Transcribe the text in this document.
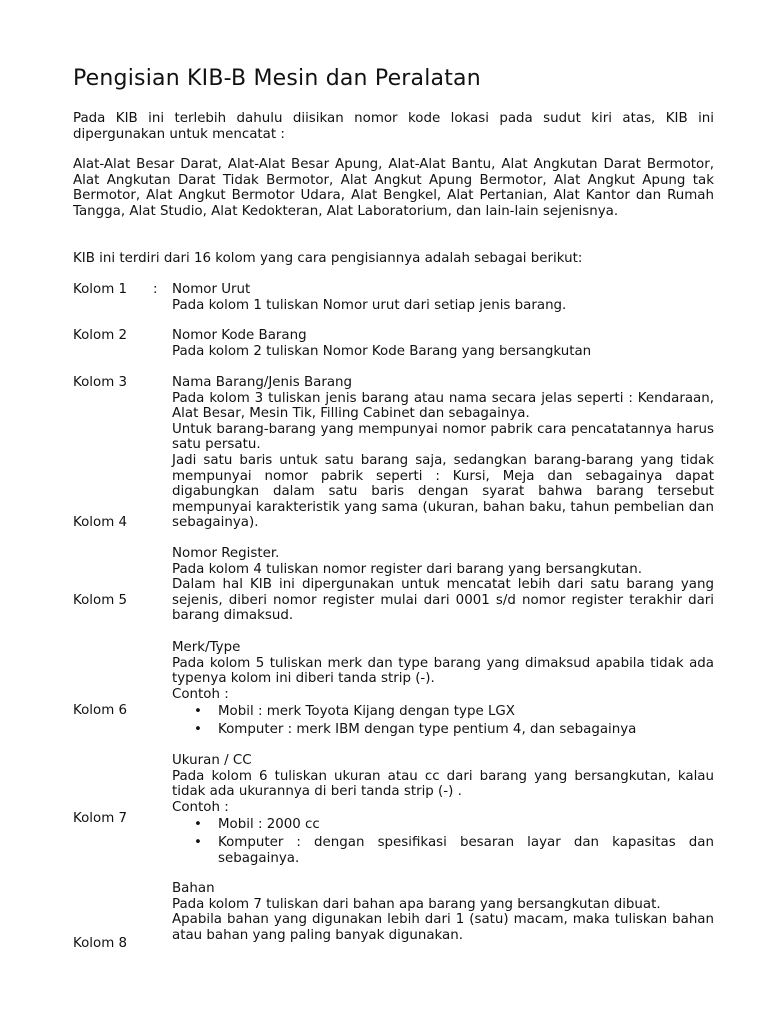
Pengisian KIB-B Mesin dan Peralatan

Pada KIB ini terlebih dahulu diisikan nomor kode lokasi pada sudut kiri atas, KIB ini dipergunakan untuk mencatat :

Alat-Alat Besar Darat, Alat-Alat Besar Apung, Alat-Alat Bantu, Alat Angkutan Darat Bermotor, Alat Angkutan Darat Tidak Bermotor, Alat Angkut Apung Bermotor, Alat Angkut Apung tak Bermotor, Alat Angkut Bermotor Udara, Alat Bengkel, Alat Pertanian, Alat Kantor dan Rumah Tangga, Alat Studio, Alat Kedokteran, Alat Laboratorium, dan lain-lain sejenisnya.

KIB ini terdiri dari 16 kolom yang cara pengisiannya adalah sebagai berikut:

Kolom 1 :
Kolom 2
Kolom 3
Kolom 4
Kolom 5
Kolom 6
Kolom 7
Kolom 8

Nomor Urut

Pada kolom 1 tuliskan Nomor urut dari setiap jenis barang.

Nomor Kode Barang

Pada kolom 2 tuliskan Nomor Kode Barang yang bersangkutan

Nama Barang/Jenis Barang

Pada kolom 3 tuliskan jenis barang atau nama secara jelas seperti : Kendaraan, Alat Besar, Mesin Tik, Filling Cabinet dan sebagainya.

Untuk barang-barang yang mempunyai nomor pabrik cara pencatatannya harus satu persatu.

Jadi satu baris untuk satu barang saja, sedangkan barang-barang yang tidak mempunyai nomor pabrik seperti : Kursi, Meja dan sebagainya dapat digabungkan dalam satu baris dengan syarat bahwa barang tersebut mempunyai karakteristik yang sama (ukuran, bahan baku, tahun pembelian dan sebagainya).

Nomor Register.

Pada kolom 4 tuliskan nomor register dari barang yang bersangkutan.

Dalam hal KIB ini dipergunakan untuk mencatat lebih dari satu barang yang sejenis, diberi nomor register mulai dari 0001 s/d nomor register terakhir dari barang dimaksud.

Merk/Type

Pada kolom 5 tuliskan merk dan type barang yang dimaksud apabila tidak ada typenya kolom ini diberi tanda strip (-).

Contoh :

• Mobil : merk Toyota Kijang dengan type LGX
• Komputer : merk IBM dengan type pentium 4, dan sebagainya

Ukuran / CC

Pada kolom 6 tuliskan ukuran atau cc dari barang yang bersangkutan, kalau tidak ada ukurannya di beri tanda strip (-) .

Contoh :

• Mobil : 2000 cc
• Komputer : dengan spesifikasi besaran layar dan kapasitas dan sebagainya.

Bahan

Pada kolom 7 tuliskan dari bahan apa barang yang bersangkutan dibuat.

Apabila bahan yang digunakan lebih dari 1 (satu) macam, maka tuliskan bahan atau bahan yang paling banyak digunakan.
